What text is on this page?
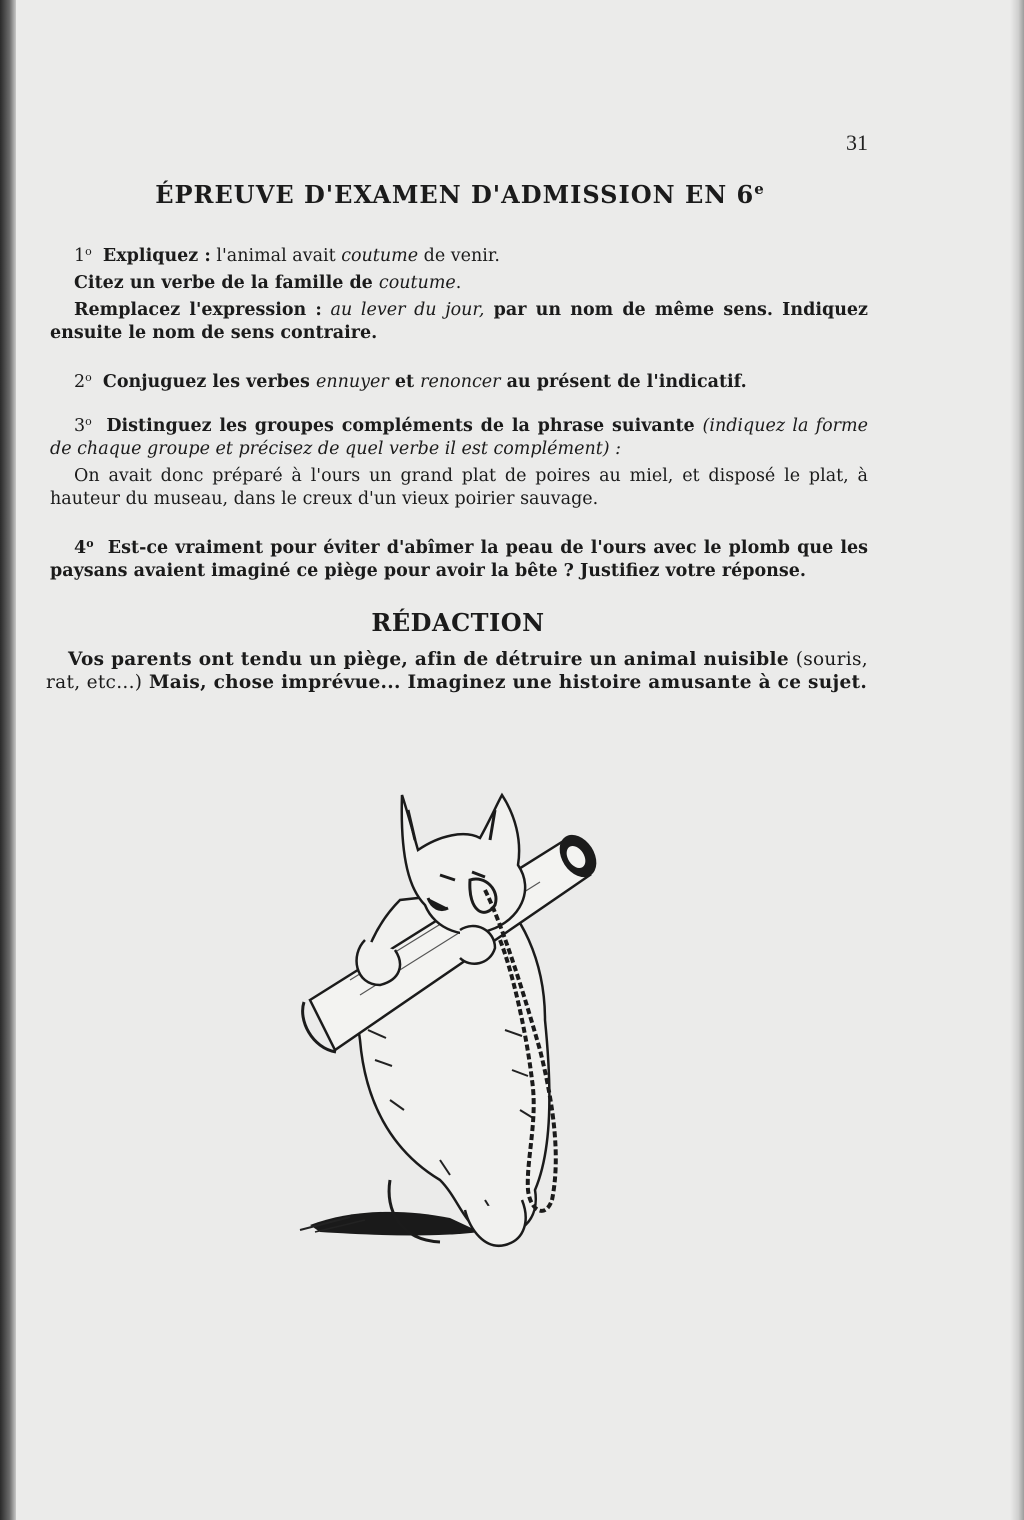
31
ÉPREUVE D'EXAMEN D'ADMISSION EN 6e

1$^o$ Expliquez : l'animal avait coutume de venir.

Citez un verbe de la famille de coutume.

Remplacez l'expression : au lever du jour, par un nom de même sens. Indiquez ensuite le nom de sens contraire.

2$^o$ Conjuguez les verbes ennuyer et renoncer au présent de l'indicatif.

3$^o$ Distinguez les groupes compléments de la phrase suivante (indiquez la forme de chaque groupe et précisez de quel verbe il est complément) :

On avait donc préparé à l'ours un grand plat de poires au miel, et disposé le plat, à hauteur du museau, dans le creux d'un vieux poirier sauvage.

4$^o$ Est-ce vraiment pour éviter d'abîmer la peau de l'ours avec le plomb que les paysans avaient imaginé ce piège pour avoir la bête ? Justifiez votre réponse.

RÉDACTION

Vos parents ont tendu un piège, afin de détruire un animal nuisible (souris, rat, etc...) Mais, chose imprévue... Imaginez une histoire amusante à ce sujet.
